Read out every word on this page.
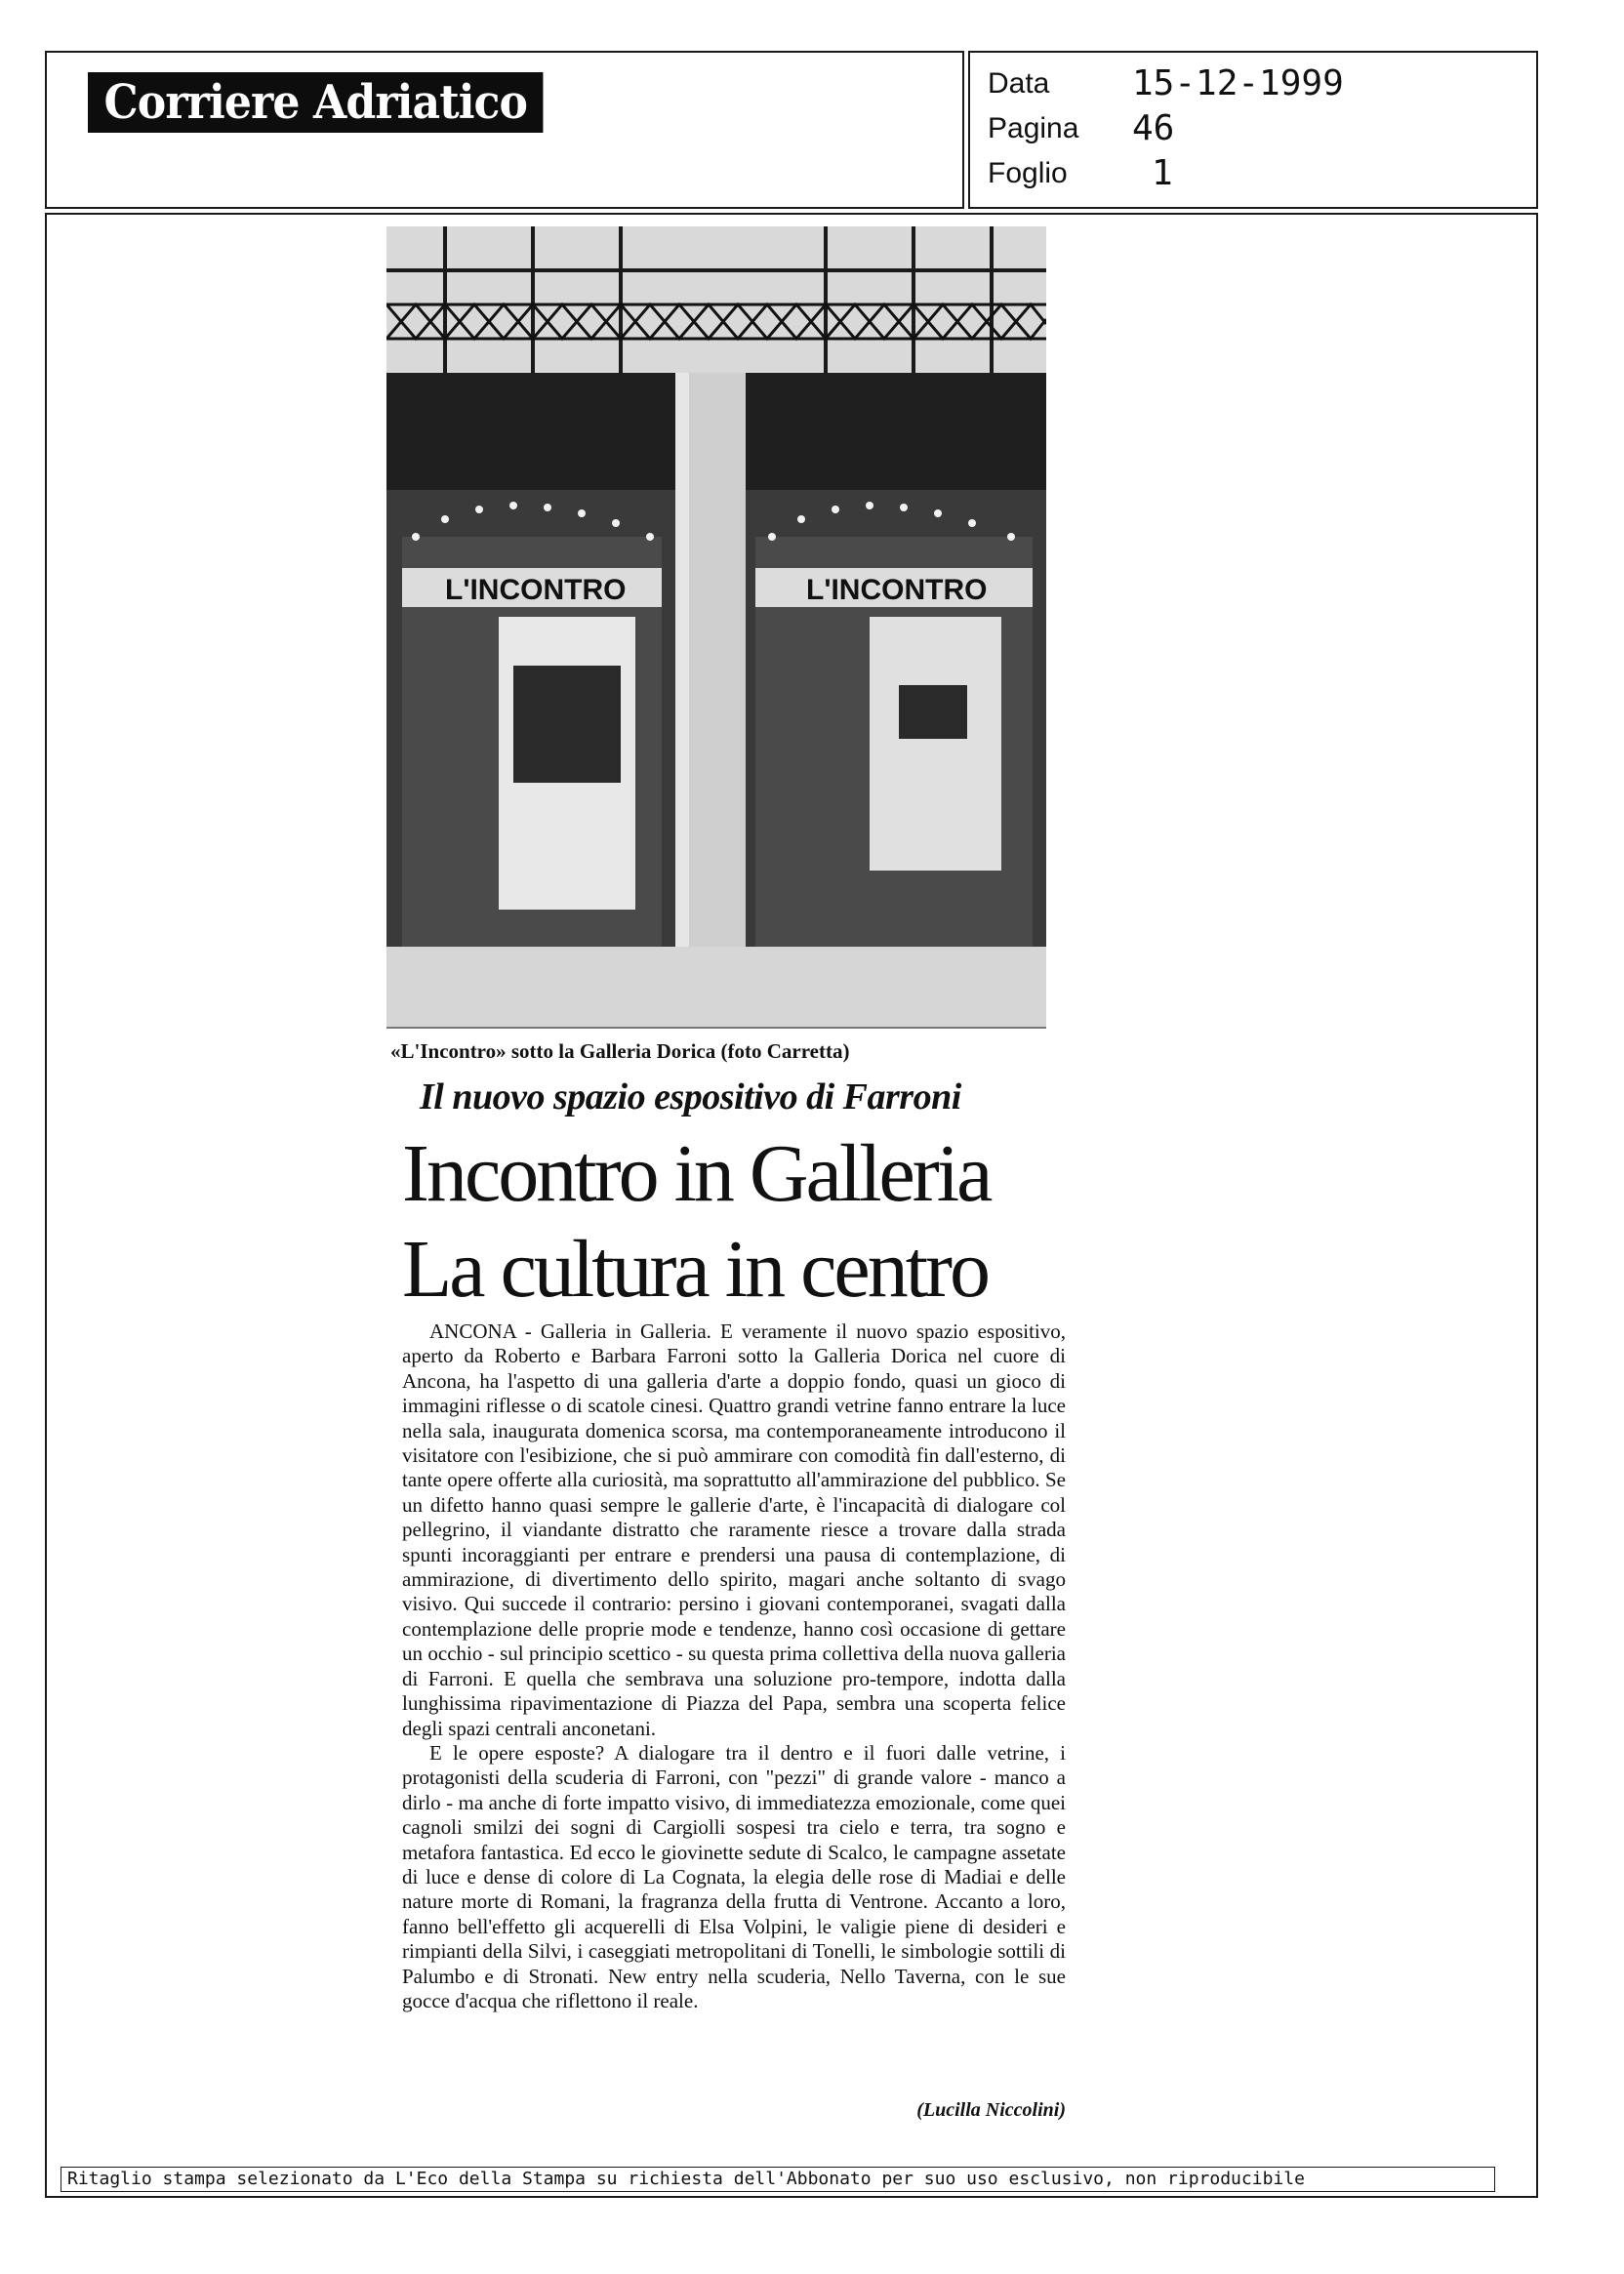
Corriere Adriatico	Data 15-12-1999
Pagina 46
Foglio 1
L'INCONTRO	L'INCONTRO
«L'Incontro» sotto la Galleria Dorica (foto Carretta)
Il nuovo spazio espositivo di Farroni
Incontro in Galleria
La cultura in centro

ANCONA - Galleria in Galleria. E veramente il nuovo spazio espositivo, aperto da Roberto e Barbara Farroni sotto la Galleria Dorica nel cuore di Ancona, ha l'aspetto di una galleria d'arte a doppio fondo, quasi un gioco di immagini riflesse o di scatole cinesi. Quattro grandi vetrine fanno entrare la luce nella sala, inaugurata domenica scorsa, ma contemporaneamente introducono il visitatore con l'esibizione, che si può ammirare con comodità fin dall'esterno, di tante opere offerte alla curiosità, ma soprattutto all'ammirazione del pubblico. Se un difetto hanno quasi sempre le gallerie d'arte, è l'incapacità di dialogare col pellegrino, il viandante distratto che raramente riesce a trovare dalla strada spunti incoraggianti per entrare e prendersi una pausa di contemplazione, di ammirazione, di divertimento dello spirito, magari anche soltanto di svago visivo. Qui succede il contrario: persino i giovani contemporanei, svagati dalla contemplazione delle proprie mode e tendenze, hanno così occasione di gettare un occhio - sul principio scettico - su questa prima collettiva della nuova galleria di Farroni. E quella che sembrava una soluzione pro-tempore, indotta dalla lunghissima ripavimentazione di Piazza del Papa, sembra una scoperta felice degli spazi centrali anconetani.

E le opere esposte? A dialogare tra il dentro e il fuori dalle vetrine, i protagonisti della scuderia di Farroni, con "pezzi" di grande valore - manco a dirlo - ma anche di forte impatto visivo, di immediatezza emozionale, come quei cagnoli smilzi dei sogni di Cargiolli sospesi tra cielo e terra, tra sogno e metafora fantastica. Ed ecco le giovinette sedute di Scalco, le campagne assetate di luce e dense di colore di La Cognata, la elegia delle rose di Madiai e delle nature morte di Romani, la fragranza della frutta di Ventrone. Accanto a loro, fanno bell'effetto gli acquerelli di Elsa Volpini, le valigie piene di desideri e rimpianti della Silvi, i caseggiati metropolitani di Tonelli, le simbologie sottili di Palumbo e di Stronati. New entry nella scuderia, Nello Taverna, con le sue gocce d'acqua che riflettono il reale.

(Lucilla Niccolini)
Ritaglio stampa selezionato da L'Eco della Stampa su richiesta dell'Abbonato per suo uso esclusivo, non riproducibile
